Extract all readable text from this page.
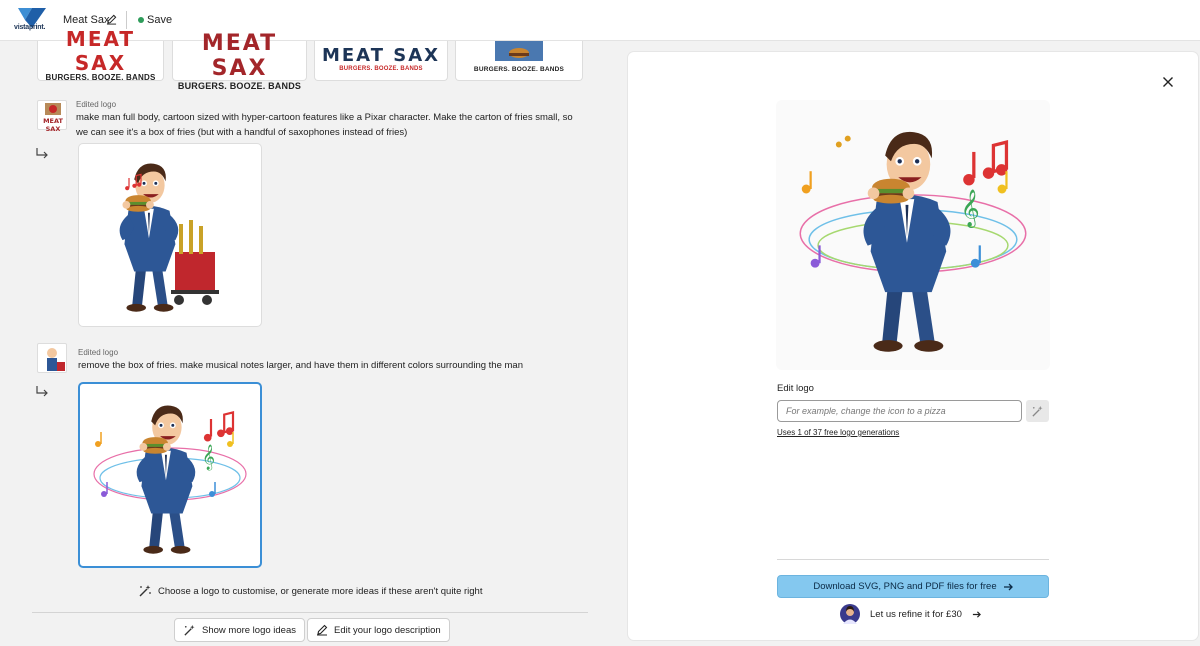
vistaprint.
Meat Sax	Save
MEAT SAX
BURGERS. BOOZE. BANDS
MEAT SAX
BURGERS. BOOZE. BANDS
MEAT SAX
BURGERS. BOOZE. BANDS	BURGERS. BOOZE. BANDS
MEAT SAX
Edited logo

make man full body, cartoon sized with hyper-cartoon features like a Pixar character. Make the carton of fries small, so we can see it's a box of fries (but with a handful of saxophones instead of fries)

Edited logo

remove the box of fries. make musical notes larger, and have them in different colors surrounding the man

𝄞
Choose a logo to customise, or generate more ideas if these aren't quite right
Show more logo ideas	Edit your logo description
𝄞
Edit logo
For example, change the icon to a pizza
Uses 1 of 37 free logo generations
Download SVG, PNG and PDF files for free
Let us refine it for £30
